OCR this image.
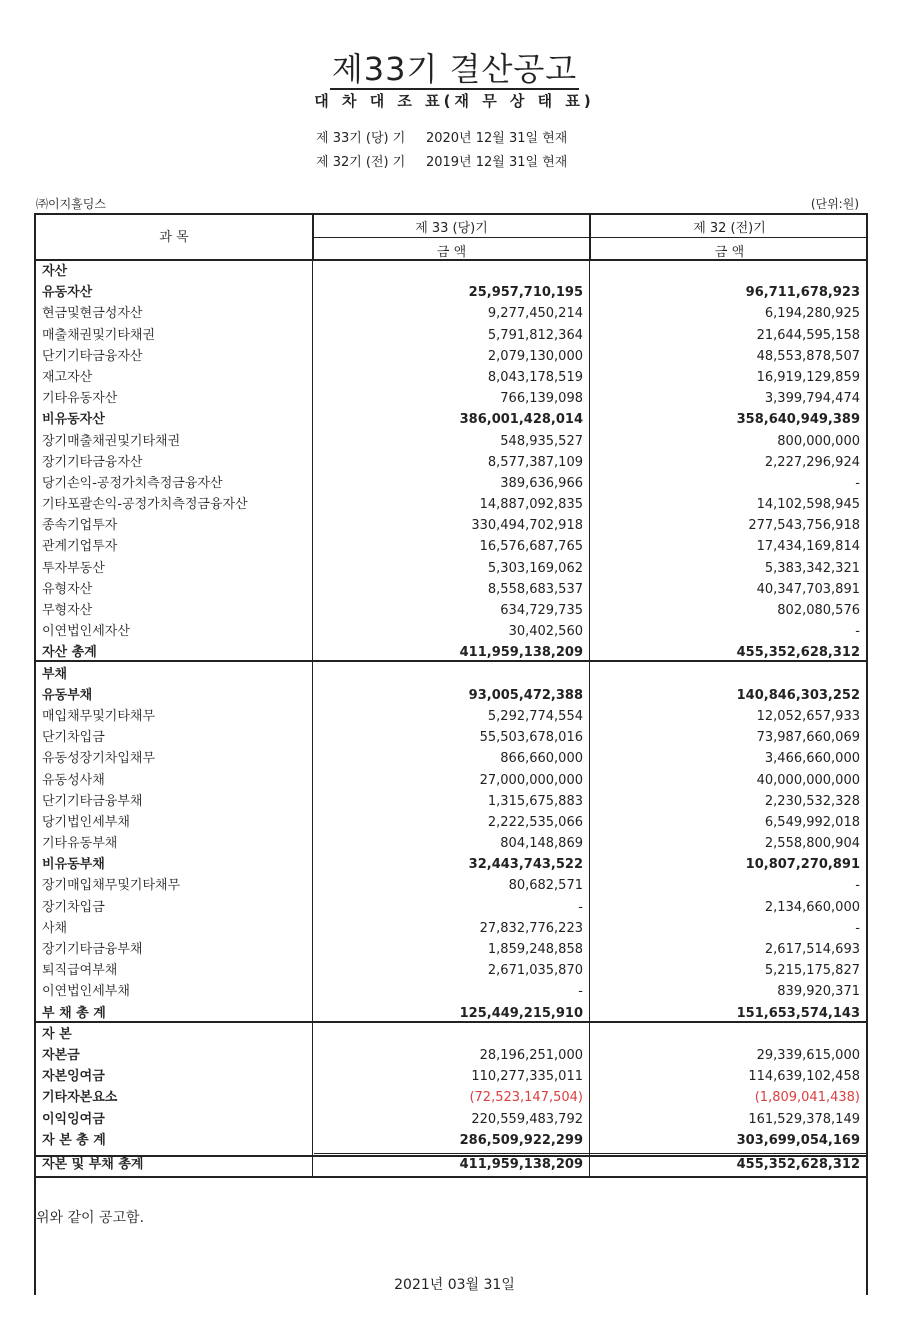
제33기 결산공고
대 차 대 조 표(재 무 상 태 표)
제 33기 (당) 기     2020년 12월 31일 현재
제 32기 (전) 기     2019년 12월 31일 현재
㈜이지홀딩스	(단위:원)
과 목
제 33 (당)기	제 32 (전)기
금 액	금 액
자산
유동자산	25,957,710,195	96,711,678,923
현금및현금성자산	9,277,450,214	6,194,280,925
매출채권및기타채권	5,791,812,364	21,644,595,158
단기기타금융자산	2,079,130,000	48,553,878,507
재고자산	8,043,178,519	16,919,129,859
기타유동자산	766,139,098	3,399,794,474
비유동자산	386,001,428,014	358,640,949,389
장기매출채권및기타채권	548,935,527	800,000,000
장기기타금융자산	8,577,387,109	2,227,296,924
당기손익-공정가치측정금융자산	389,636,966	-
기타포괄손익-공정가치측정금융자산	14,887,092,835	14,102,598,945
종속기업투자	330,494,702,918	277,543,756,918
관계기업투자	16,576,687,765	17,434,169,814
투자부동산	5,303,169,062	5,383,342,321
유형자산	8,558,683,537	40,347,703,891
무형자산	634,729,735	802,080,576
이연법인세자산	30,402,560	-
자산 총계	411,959,138,209	455,352,628,312
부채
유동부채	93,005,472,388	140,846,303,252
매입채무및기타채무	5,292,774,554	12,052,657,933
단기차입금	55,503,678,016	73,987,660,069
유동성장기차입채무	866,660,000	3,466,660,000
유동성사채	27,000,000,000	40,000,000,000
단기기타금융부채	1,315,675,883	2,230,532,328
당기법인세부채	2,222,535,066	6,549,992,018
기타유동부채	804,148,869	2,558,800,904
비유동부채	32,443,743,522	10,807,270,891
장기매입채무및기타채무	80,682,571	-
장기차입금	-	2,134,660,000
사채	27,832,776,223	-
장기기타금융부채	1,859,248,858	2,617,514,693
퇴직급여부채	2,671,035,870	5,215,175,827
이연법인세부채	-	839,920,371
부 채 총 계	125,449,215,910	151,653,574,143
자 본
자본금	28,196,251,000	29,339,615,000
자본잉여금	110,277,335,011	114,639,102,458
기타자본요소	(72,523,147,504)	(1,809,041,438)
이익잉여금	220,559,483,792	161,529,378,149
자 본 총 계	286,509,922,299	303,699,054,169
자본 및 부채 총계	411,959,138,209	455,352,628,312
위와 같이 공고함.
2021년 03월 31일
